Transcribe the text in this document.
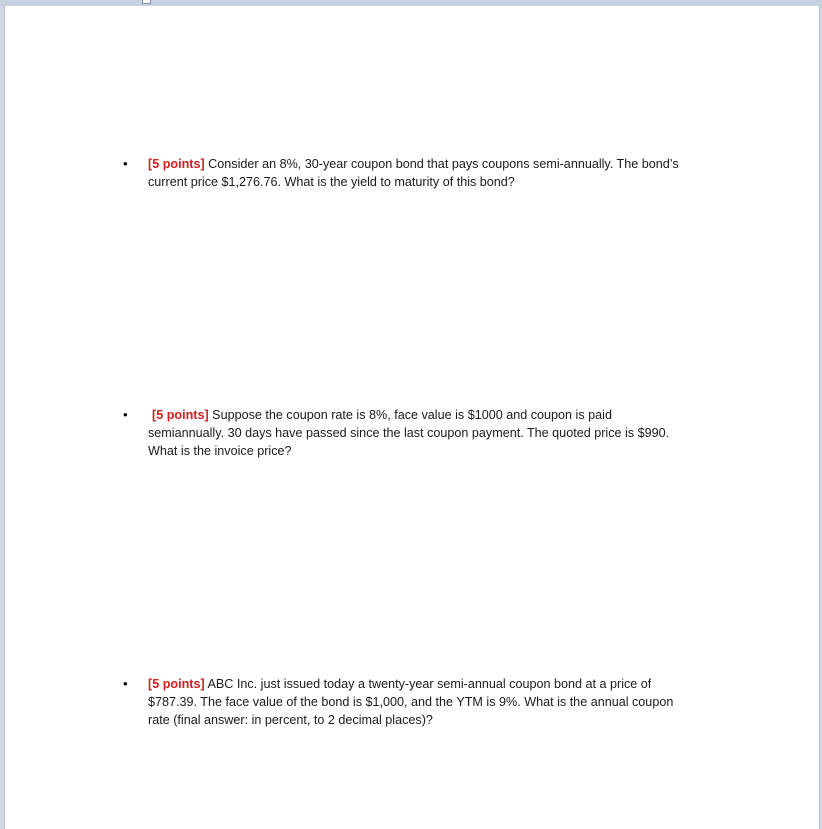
• [5 points] Consider an 8%, 30-year coupon bond that pays coupons semi-annually. The bond’s current price $1,276.76. What is the yield to maturity of this bond?
•	[5 points] Suppose the coupon rate is 8%, face value is $1000 and coupon is paid semiannually. 30 days have passed since the last coupon payment. The quoted price is $990. What is the invoice price?
• [5 points] ABC Inc. just issued today a twenty-year semi-annual coupon bond at a price of $787.39. The face value of the bond is $1,000, and the YTM is 9%. What is the annual coupon rate (final answer: in percent, to 2 decimal places)?
